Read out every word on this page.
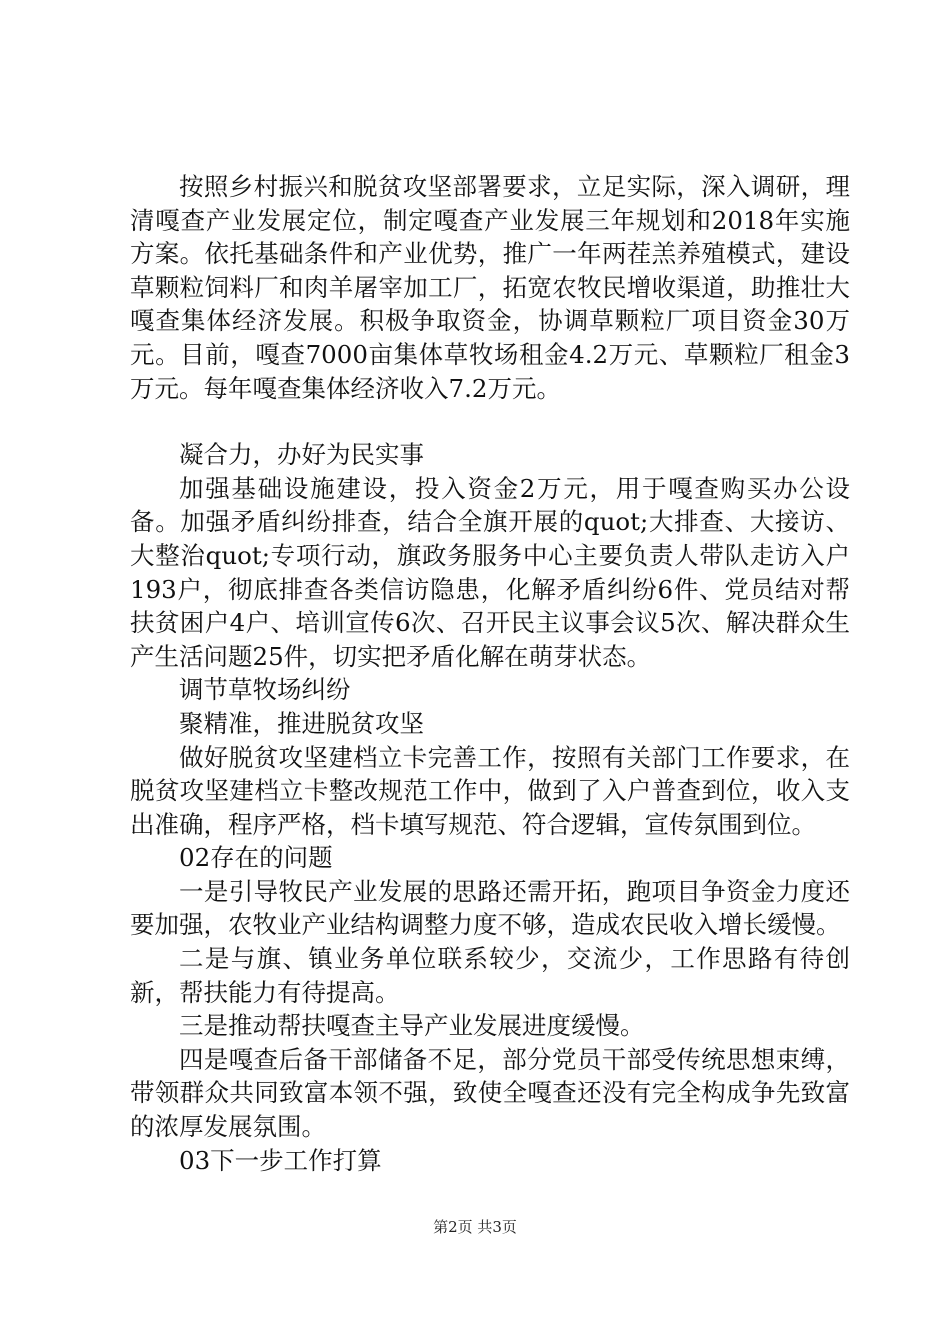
按照乡村振兴和脱贫攻坚部署要求，立足实际，深入调研，理清嘎查产业发展定位，制定嘎查产业发展三年规划和2018年实施方案。依托基础条件和产业优势，推广一年两茬羔养殖模式，建设草颗粒饲料厂和肉羊屠宰加工厂，拓宽农牧民增收渠道，助推壮大嘎查集体经济发展。积极争取资金，协调草颗粒厂项目资金30万元。目前，嘎查7000亩集体草牧场租金4.2万元、草颗粒厂租金3万元。每年嘎查集体经济收入7.2万元。

凝合力，办好为民实事

加强基础设施建设，投入资金2万元，用于嘎查购买办公设备。加强矛盾纠纷排查，结合全旗开展的quot;大排查、大接访、大整治quot;专项行动，旗政务服务中心主要负责人带队走访入户193户，彻底排查各类信访隐患，化解矛盾纠纷6件、党员结对帮扶贫困户4户、培训宣传6次、召开民主议事会议5次、解决群众生产生活问题25件，切实把矛盾化解在萌芽状态。

调节草牧场纠纷

聚精准，推进脱贫攻坚

做好脱贫攻坚建档立卡完善工作，按照有关部门工作要求，在脱贫攻坚建档立卡整改规范工作中，做到了入户普查到位，收入支出准确，程序严格，档卡填写规范、符合逻辑，宣传氛围到位。

02存在的问题

一是引导牧民产业发展的思路还需开拓，跑项目争资金力度还要加强，农牧业产业结构调整力度不够，造成农民收入增长缓慢。

二是与旗、镇业务单位联系较少，交流少，工作思路有待创新，帮扶能力有待提高。

三是推动帮扶嘎查主导产业发展进度缓慢。

四是嘎查后备干部储备不足，部分党员干部受传统思想束缚，带领群众共同致富本领不强，致使全嘎查还没有完全构成争先致富的浓厚发展氛围。

03下一步工作打算

第2页 共3页
